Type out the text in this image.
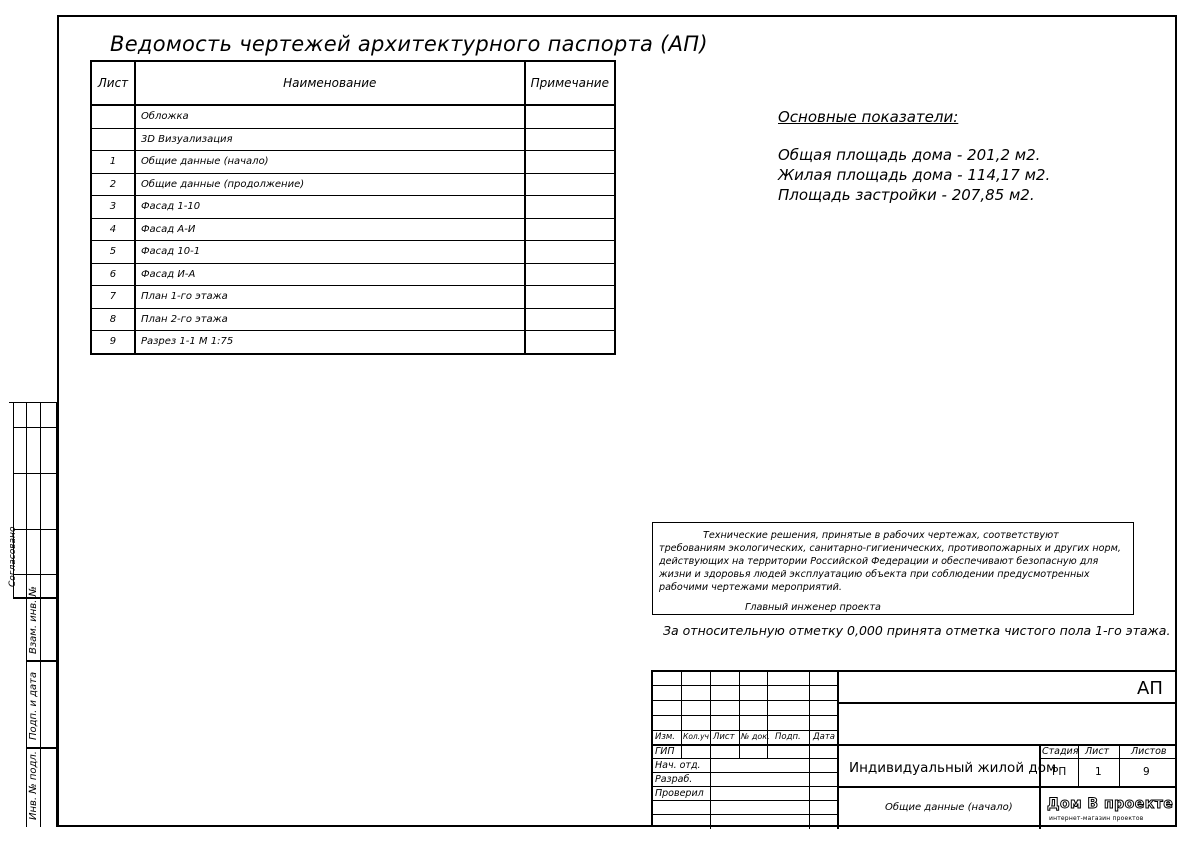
Ведомость чертежей архитектурного паспорта (АП)
Лист	Наименование	Примечание
	Обложка	
	3D Визуализация	
1	Общие данные (начало)	
2	Общие данные (продолжение)	
3	Фасад 1-10	
4	Фасад А-И	
5	Фасад 10-1	
6	Фасад И-А	
7	План 1-го этажа	
8	План 2-го этажа	
9	Разрез 1-1 М 1:75	
Основные показатели:
Общая площадь дома - 201,2 м2.
Жилая площадь дома - 114,17 м2.
Площадь застройки - 207,85 м2.
Технические решения, принятые в рабочих чертежах, соответствуют требованиям экологических, санитарно-гигиенических, противопожарных и других норм, действующих на территории Российской Федерации и обеспечивают безопасную для жизни и здоровья людей эксплуатацию объекта при соблюдении предусмотренных рабочими чертежами мероприятий.
Главный инженер проекта
За относительную отметку 0,000 принята отметка чистого пола 1-го этажа.
АП
Изм. Кол.уч Лист № док. Подп. Дата
ГИП
Нач. отд.
Разраб.
Проверил
Индивидуальный жилой дом
Общие данные (начало)
Стадия Лист Листов
РП	1	9
Дом В проекте
интернет-магазин проектов
Согласовано
Взам. инв. №
Подп. и дата
Инв. № подл.
